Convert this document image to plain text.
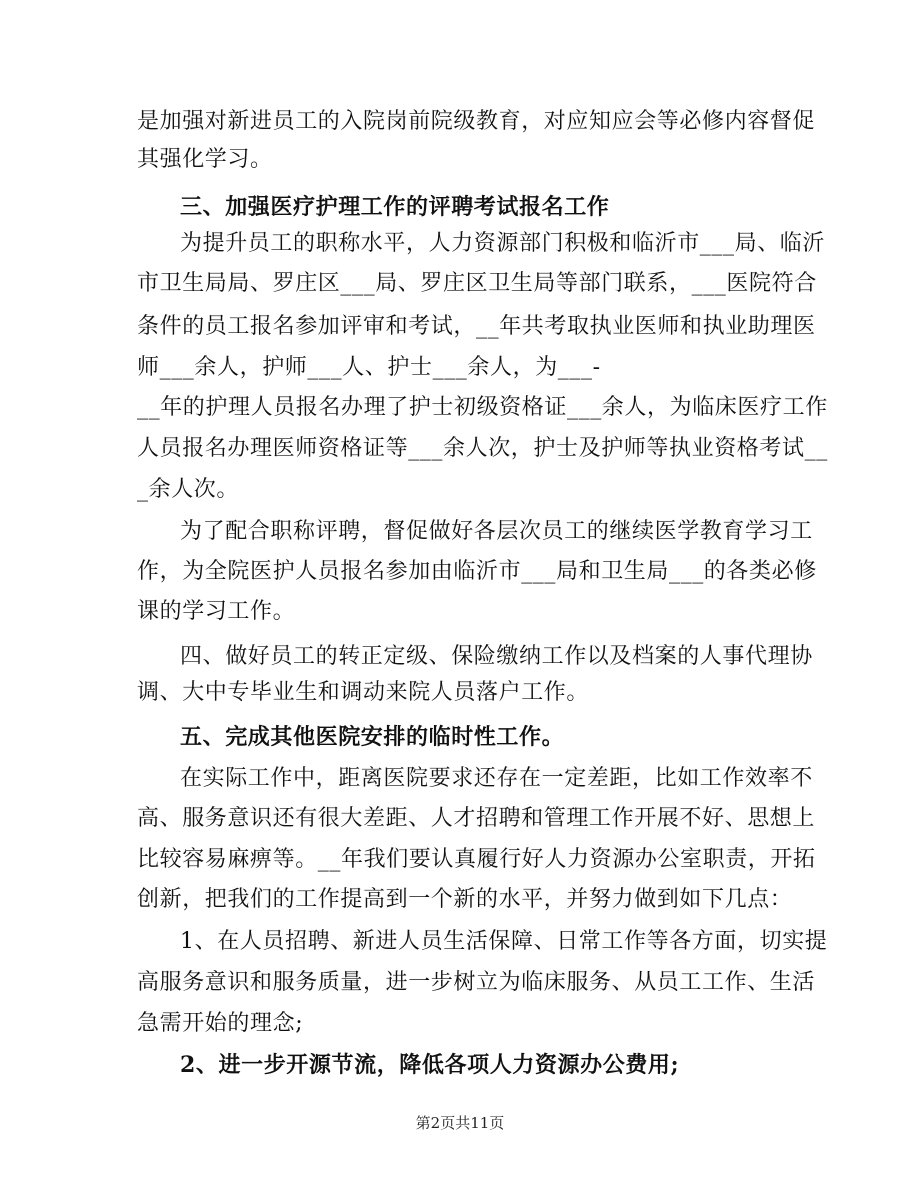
是加强对新进员工的入院岗前院级教育，对应知应会等必修内容督促
其强化学习。
三、加强医疗护理工作的评聘考试报名工作
为提升员工的职称水平，人力资源部门积极和临沂市___局、临沂
市卫生局局、罗庄区___局、罗庄区卫生局等部门联系，___医院符合
条件的员工报名参加评审和考试，__年共考取执业医师和执业助理医
师___余人，护师___人、护士___余人，为___-
__年的护理人员报名办理了护士初级资格证___余人，为临床医疗工作
人员报名办理医师资格证等___余人次，护士及护师等执业资格考试__
_余人次。
为了配合职称评聘，督促做好各层次员工的继续医学教育学习工
作，为全院医护人员报名参加由临沂市___局和卫生局___的各类必修
课的学习工作。
四、做好员工的转正定级、保险缴纳工作以及档案的人事代理协
调、大中专毕业生和调动来院人员落户工作。
五、完成其他医院安排的临时性工作。
在实际工作中，距离医院要求还存在一定差距，比如工作效率不
高、服务意识还有很大差距、人才招聘和管理工作开展不好、思想上
比较容易麻痹等。__年我们要认真履行好人力资源办公室职责，开拓
创新，把我们的工作提高到一个新的水平，并努力做到如下几点：
1、在人员招聘、新进人员生活保障、日常工作等各方面，切实提
高服务意识和服务质量，进一步树立为临床服务、从员工工作、生活
急需开始的理念;
2、进一步开源节流，降低各项人力资源办公费用;
第2页共11页
